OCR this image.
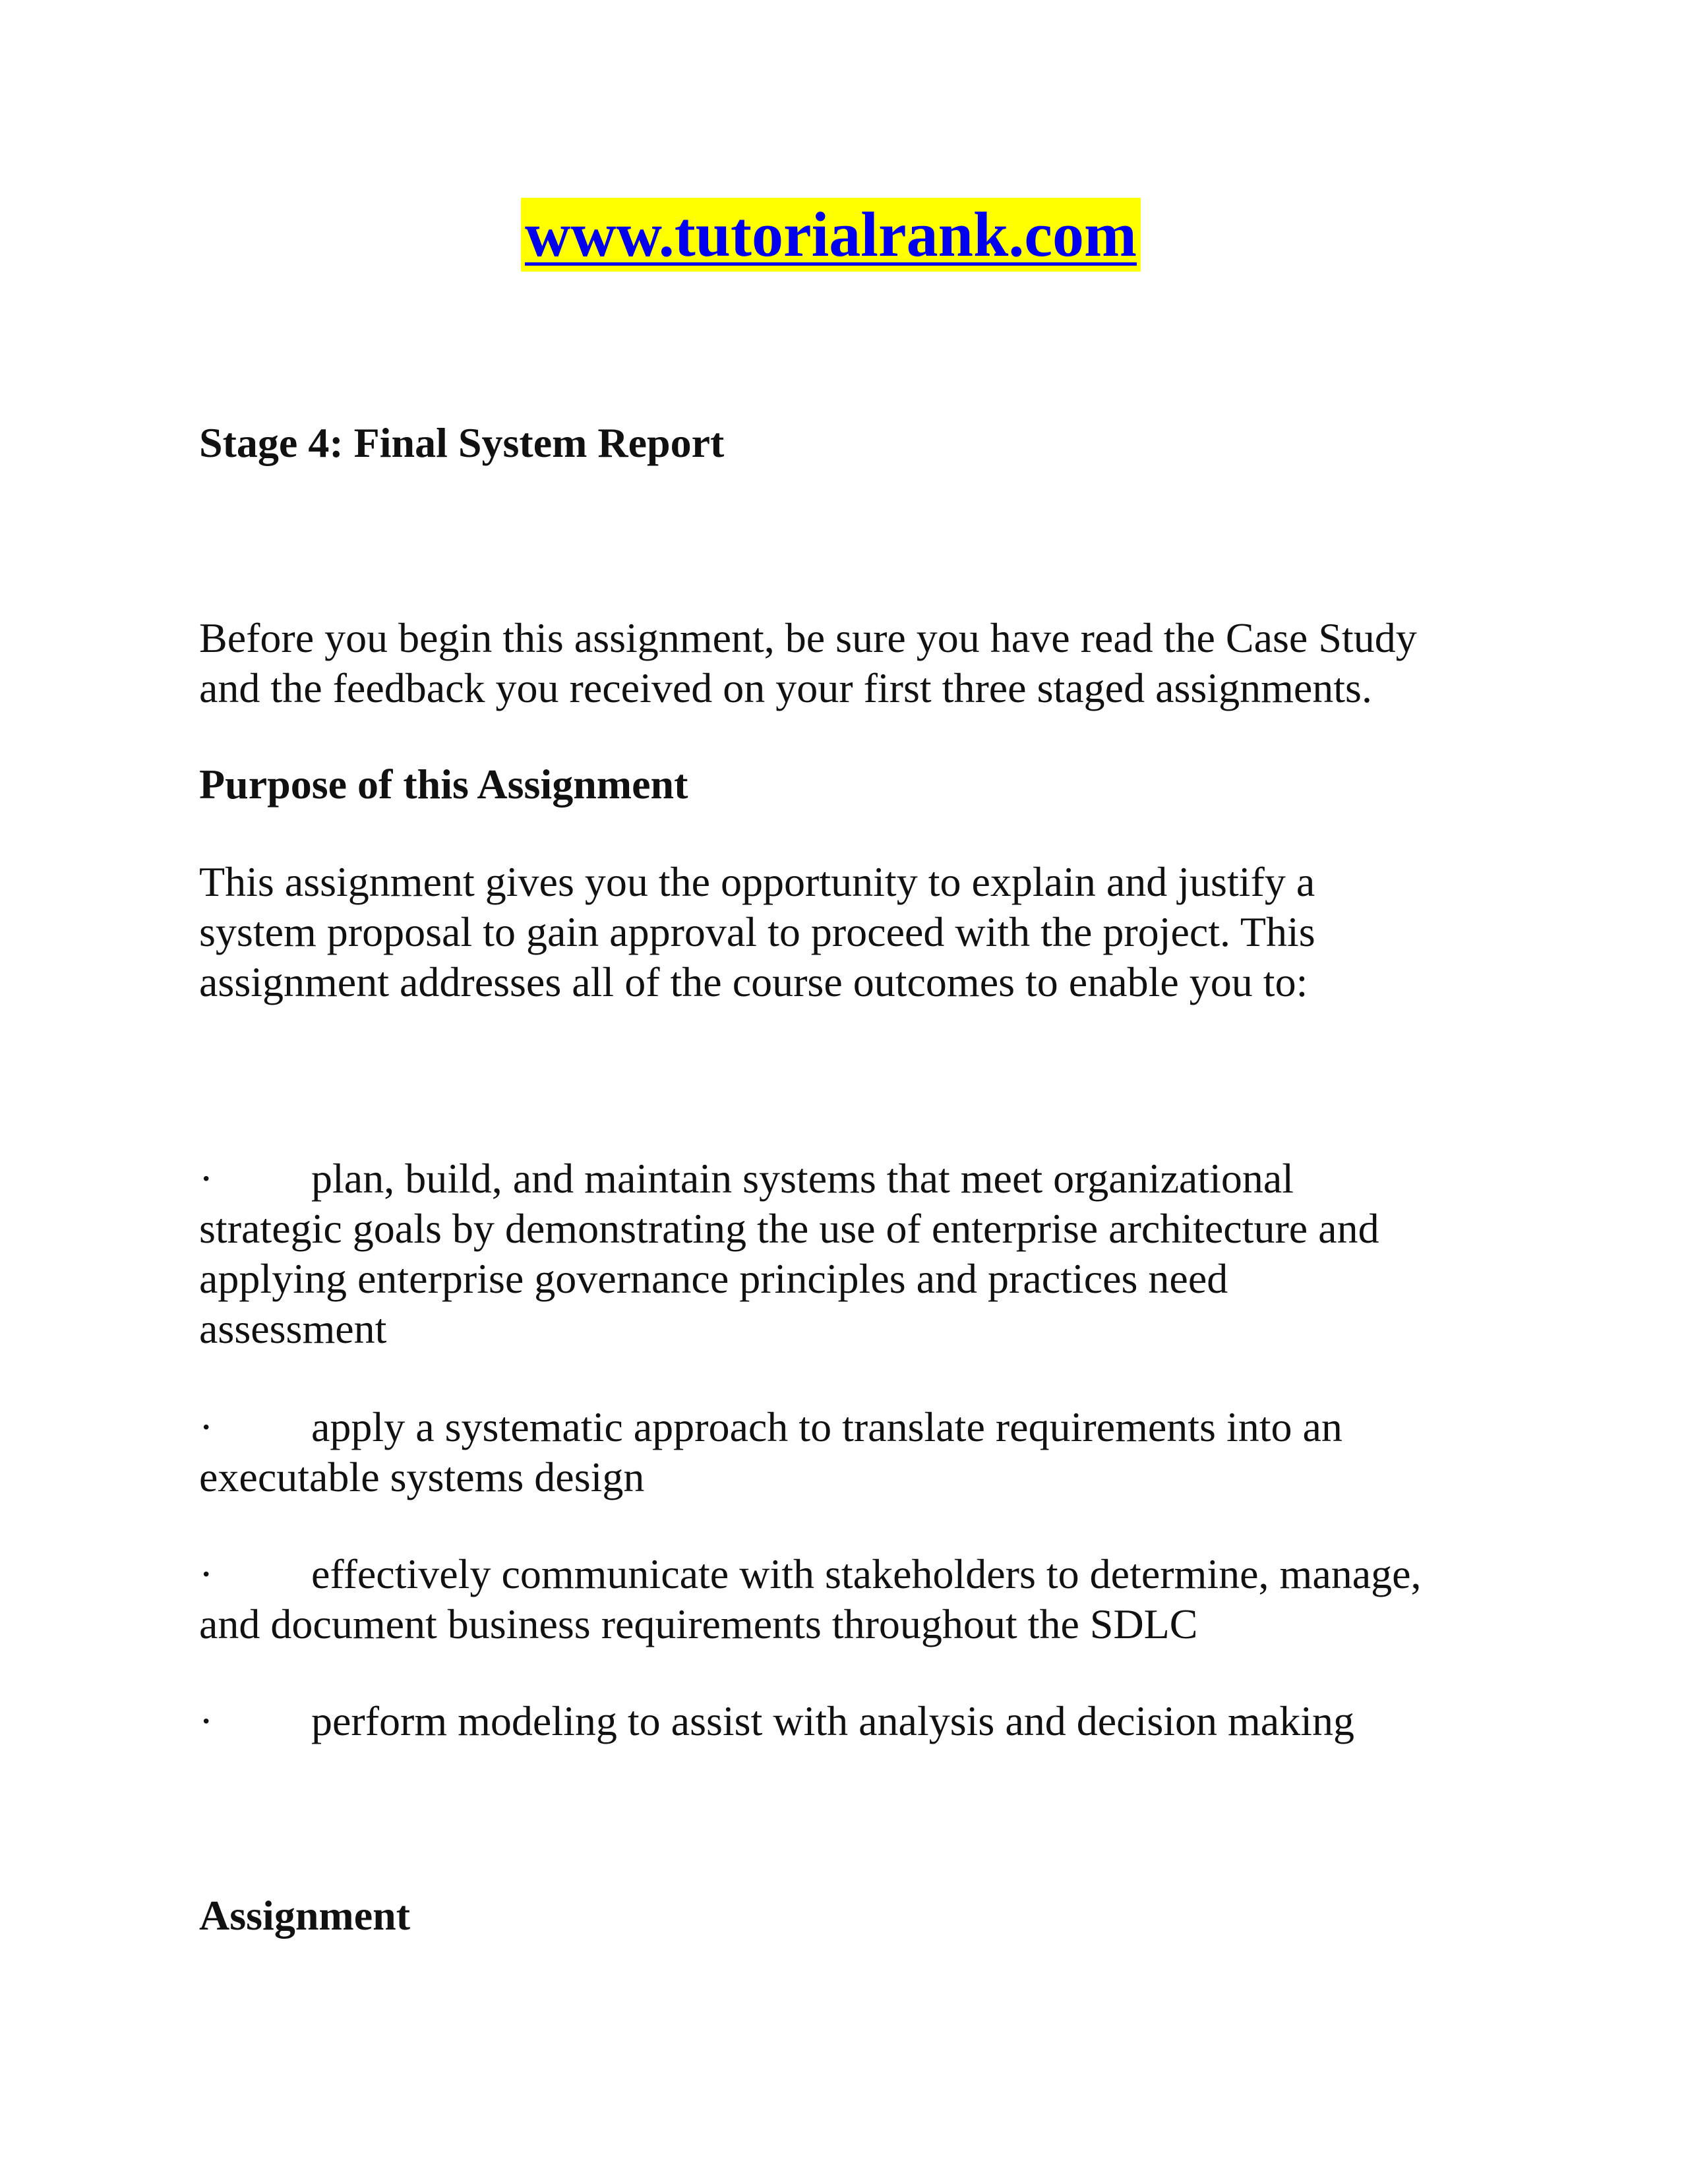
www.tutorialrank.com
Stage 4: Final System Report

Before you begin this assignment, be sure you have read the Case Study
and the feedback you received on your first three staged assignments.

Purpose of this Assignment

This assignment gives you the opportunity to explain and justify a
system proposal to gain approval to proceed with the project. This
assignment addresses all of the course outcomes to enable you to:

· plan, build, and maintain systems that meet organizational
strategic goals by demonstrating the use of enterprise architecture and
applying enterprise governance principles and practices need
assessment
· apply a systematic approach to translate requirements into an
executable systems design
· effectively communicate with stakeholders to determine, manage,
and document business requirements throughout the SDLC
· perform modeling to assist with analysis and decision making
Assignment
